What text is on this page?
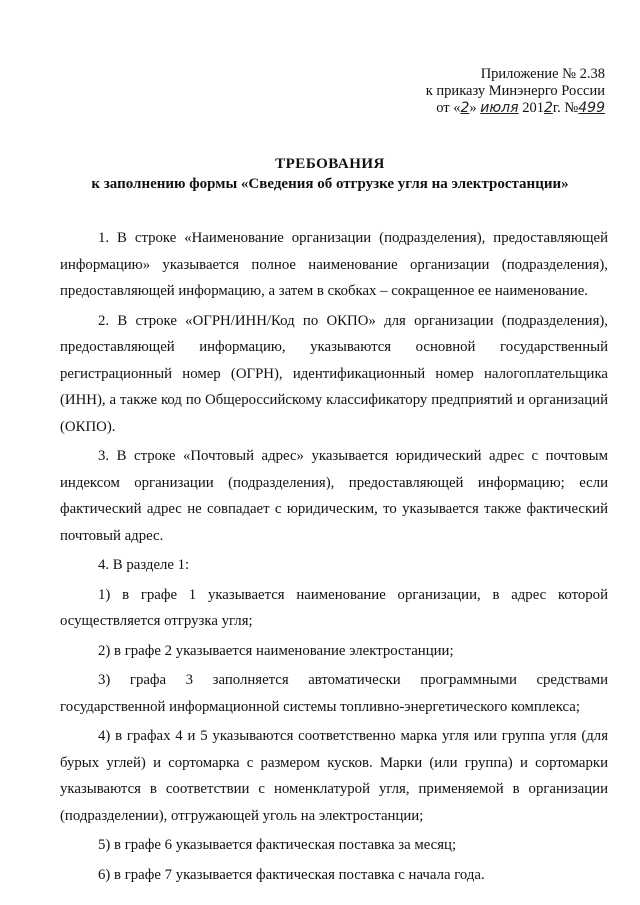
Приложение № 2.38
к приказу Минэнерго России
от «2» июля 2012г. №499
ТРЕБОВАНИЯ
к заполнению формы «Сведения об отгрузке угля на электростанции»

1. В строке «Наименование организации (подразделения), предоставляющей информацию» указывается полное наименование организации (подразделения), предоставляющей информацию, а затем в скобках – сокращенное ее наименование.

2. В строке «ОГРН/ИНН/Код по ОКПО» для организации (подразделения), предоставляющей информацию, указываются основной государственный регистрационный номер (ОГРН), идентификационный номер налогоплательщика (ИНН), а также код по Общероссийскому классификатору предприятий и организаций (ОКПО).

3. В строке «Почтовый адрес» указывается юридический адрес с почтовым индексом организации (подразделения), предоставляющей информацию; если фактический адрес не совпадает с юридическим, то указывается также фактический почтовый адрес.

4. В разделе 1:

1) в графе 1 указывается наименование организации, в адрес которой осуществляется отгрузка угля;

2) в графе 2 указывается наименование электростанции;

3) графа 3 заполняется автоматически программными средствами государственной информационной системы топливно-энергетического комплекса;

4) в графах 4 и 5 указываются соответственно марка угля или группа угля (для бурых углей) и сортомарка с размером кусков. Марки (или группа) и сортомарки указываются в соответствии с номенклатурой угля, применяемой в организации (подразделении), отгружающей уголь на электростанции;

5) в графе 6 указывается фактическая поставка за месяц;

6) в графе 7 указывается фактическая поставка с начала года.
